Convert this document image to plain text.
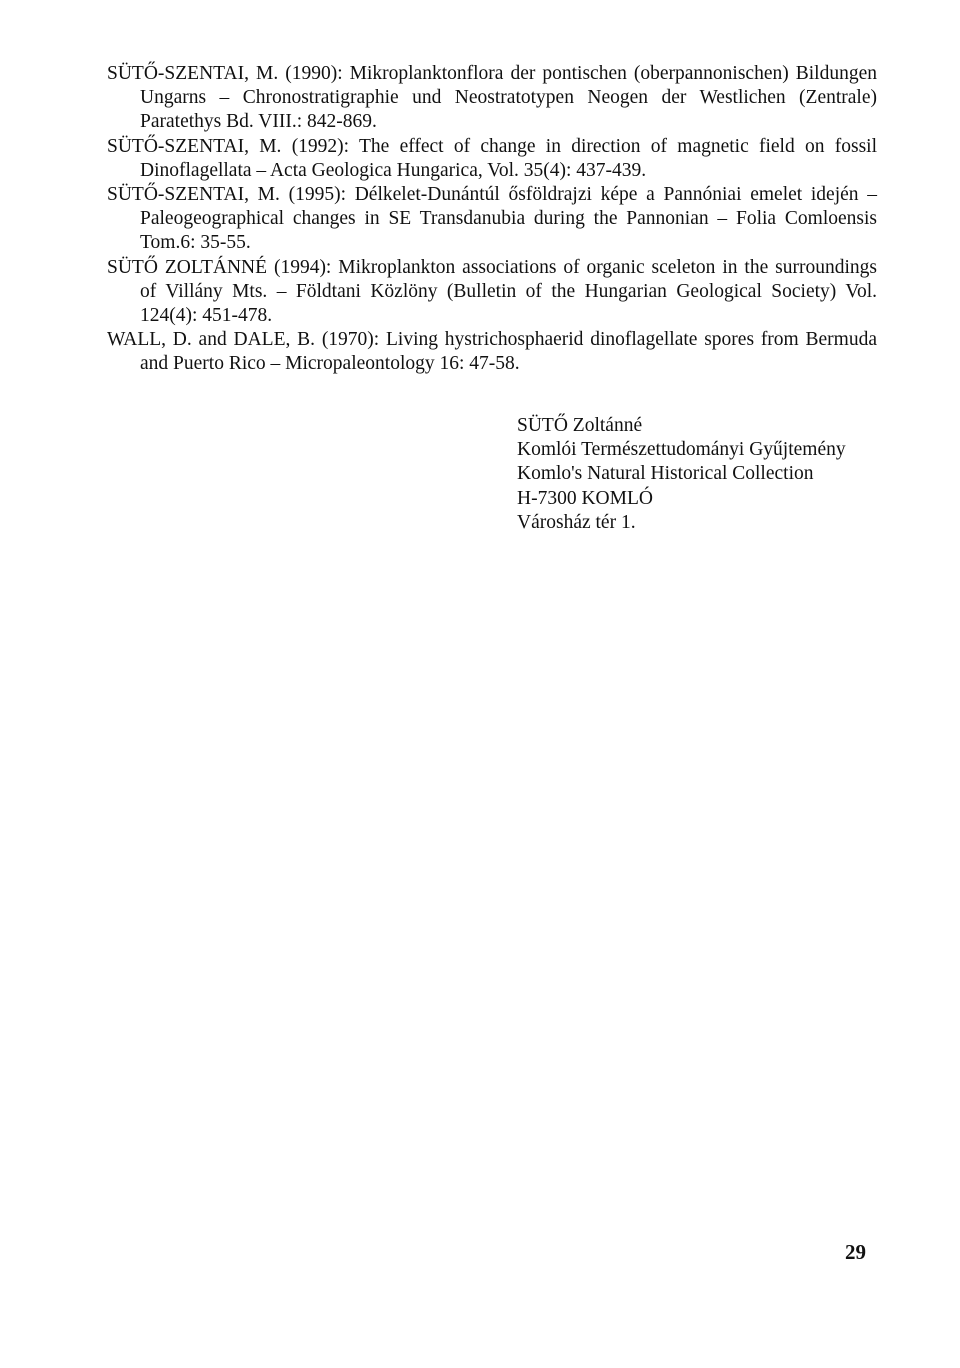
SÜTŐ-SZENTAI, M. (1990): Mikroplanktonflora der pontischen (oberpannonischen) Bildungen Ungarns – Chronostratigraphie und Neostratotypen Neogen der Westlichen (Zentrale) Paratethys Bd. VIII.: 842-869.
SÜTŐ-SZENTAI, M. (1992): The effect of change in direction of magnetic field on fossil Dinoflagellata – Acta Geologica Hungarica, Vol. 35(4): 437-439.
SÜTŐ-SZENTAI, M. (1995): Délkelet-Dunántúl ősföldrajzi képe a Pannóniai emelet idején – Paleogeographical changes in SE Transdanubia during the Pannonian – Folia Comloensis Tom.6: 35-55.
SÜTŐ ZOLTÁNNÉ (1994): Mikroplankton associations of organic sceleton in the surroundings of Villány Mts. – Földtani Közlöny (Bulletin of the Hungarian Geological Society) Vol. 124(4): 451-478.
WALL, D. and DALE, B. (1970): Living hystrichosphaerid dinoflagellate spores from Bermuda and Puerto Rico – Micropaleontology 16: 47-58.
SÜTŐ Zoltánné
Komlói Természettudományi Gyűjtemény
Komlo's Natural Historical Collection
H-7300 KOMLÓ
Városház tér 1.
29
